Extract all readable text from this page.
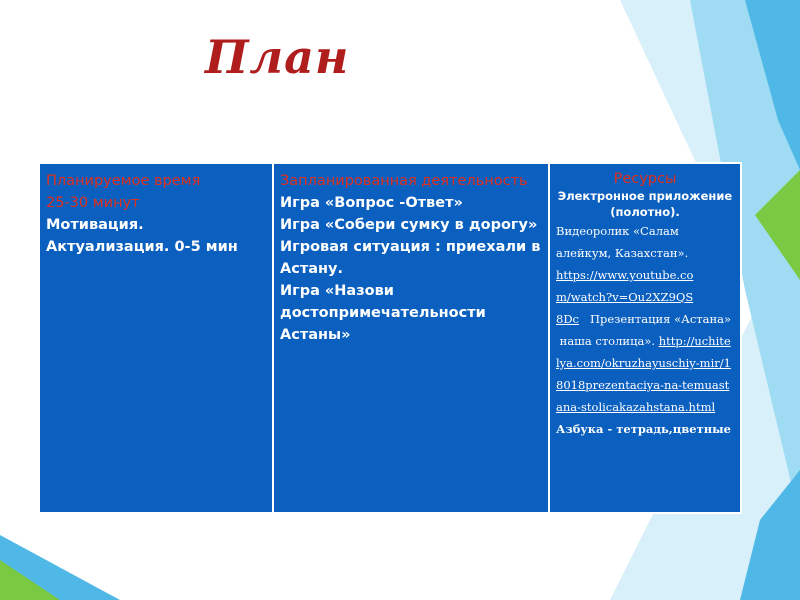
План
Планируемое время
25-30 минут
Мотивация.
Актуализация. 0-5 мин

Запланированная деятельность
Игра «Вопрос -Ответ»
Игра «Собери сумку в дорогу»
Игровая ситуация : приехали в Астану.
Игра «Назови достопримечательности Астаны»

Ресурсы
Электронное приложение (полотно).
Видеоролик «Салам алейкум, Казахстан». https://www.youtube.co
m/watch?v=Ou2XZ9QS
8Dc Презентация «Астана»
наша столица». http://uchitelya.com/okruzhayuschiy-mir/18018prezentaciya-na-temuastana-stolicakazahstana.html Азбука - тетрадь,цветные
